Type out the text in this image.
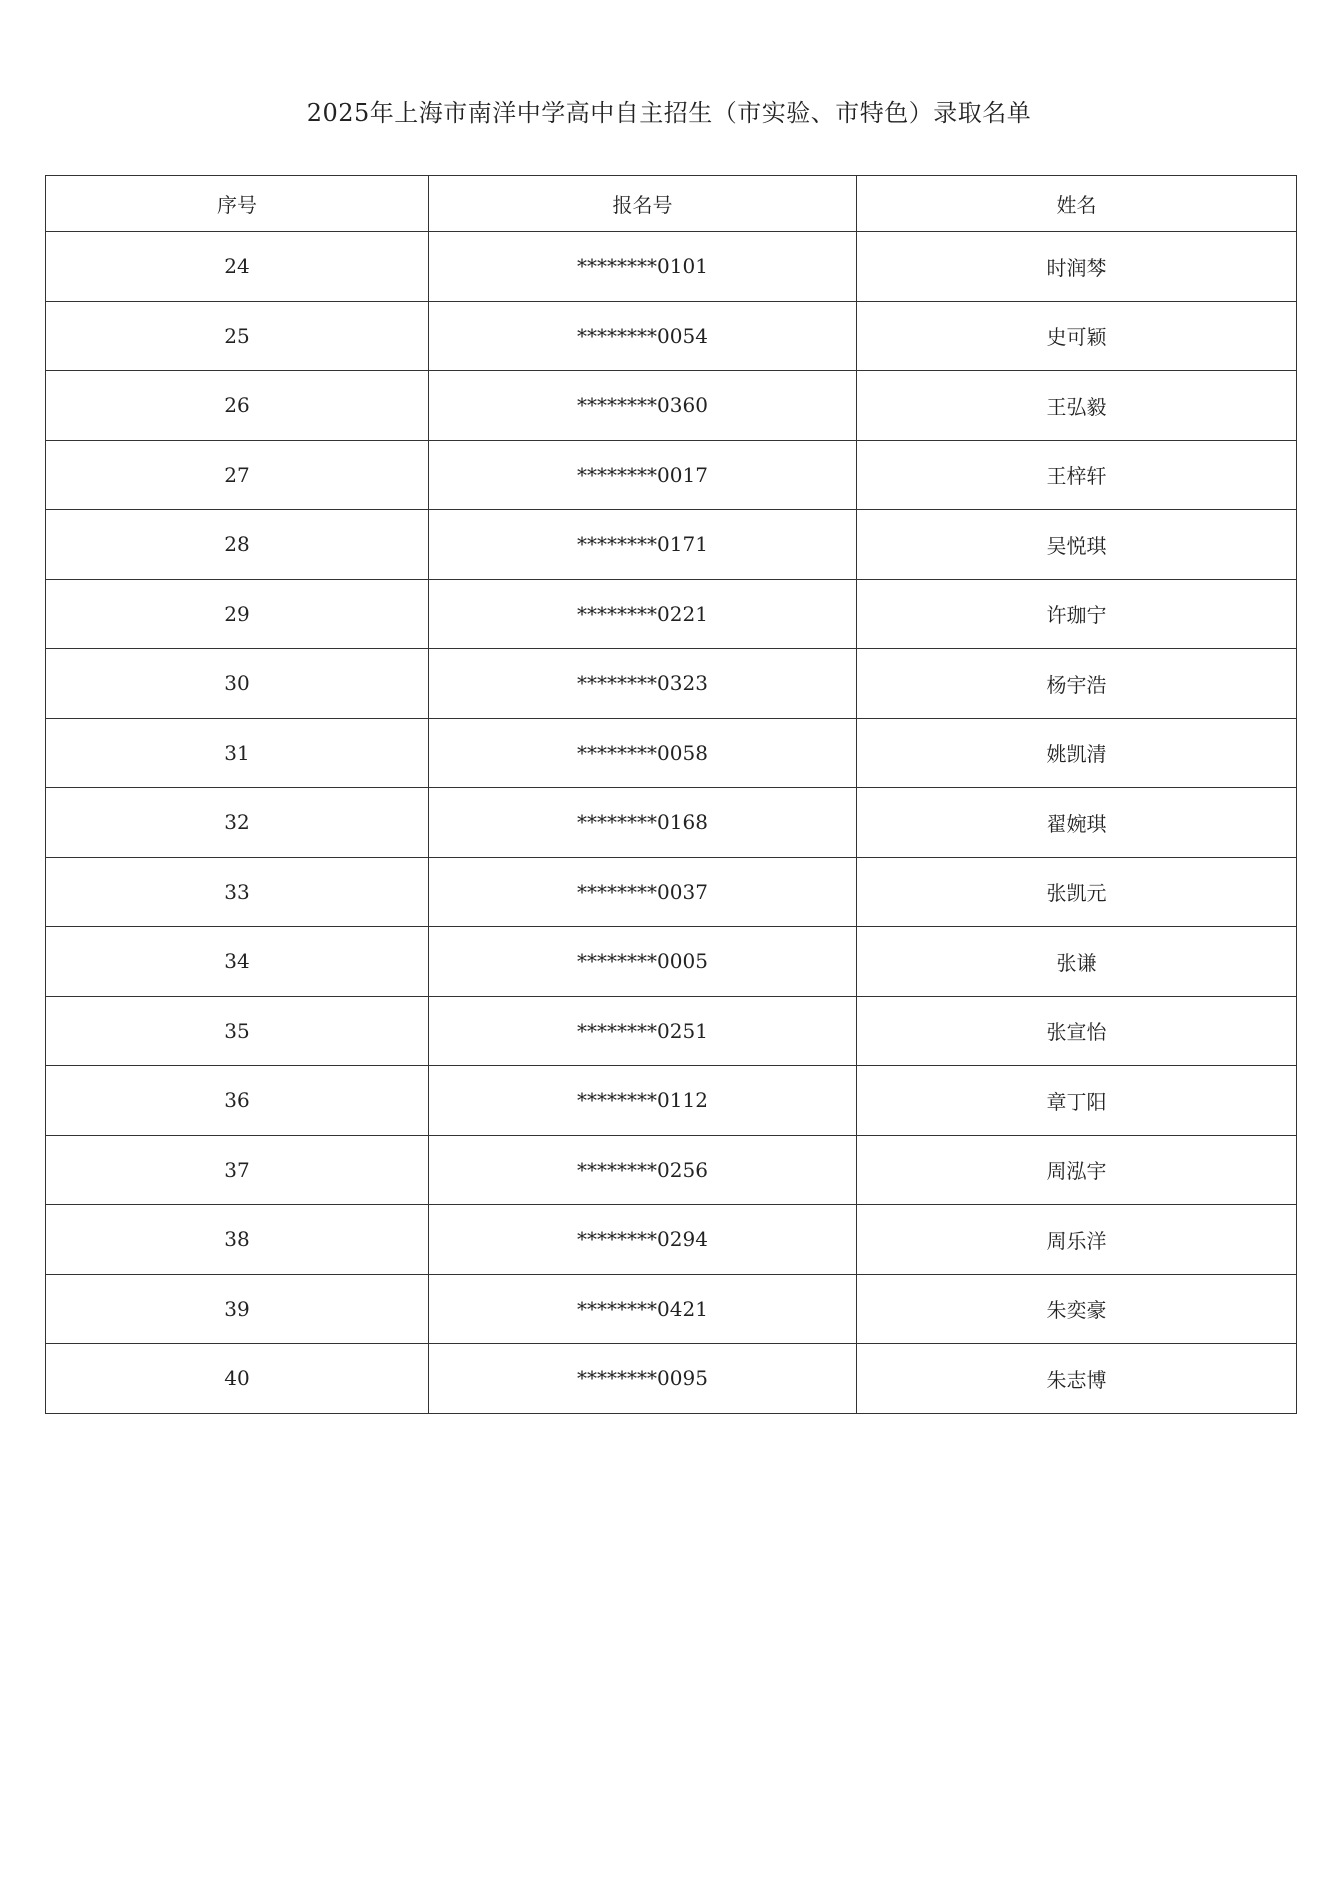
2025年上海市南洋中学高中自主招生（市实验、市特色）录取名单
序号	报名号	姓名
24	********0101	时润棽
25	********0054	史可颖
26	********0360	王弘毅
27	********0017	王梓轩
28	********0171	吴悦琪
29	********0221	许珈宁
30	********0323	杨宇浩
31	********0058	姚凯清
32	********0168	翟婉琪
33	********0037	张凯元
34	********0005	张谦
35	********0251	张宣怡
36	********0112	章丁阳
37	********0256	周泓宇
38	********0294	周乐洋
39	********0421	朱奕豪
40	********0095	朱志博
